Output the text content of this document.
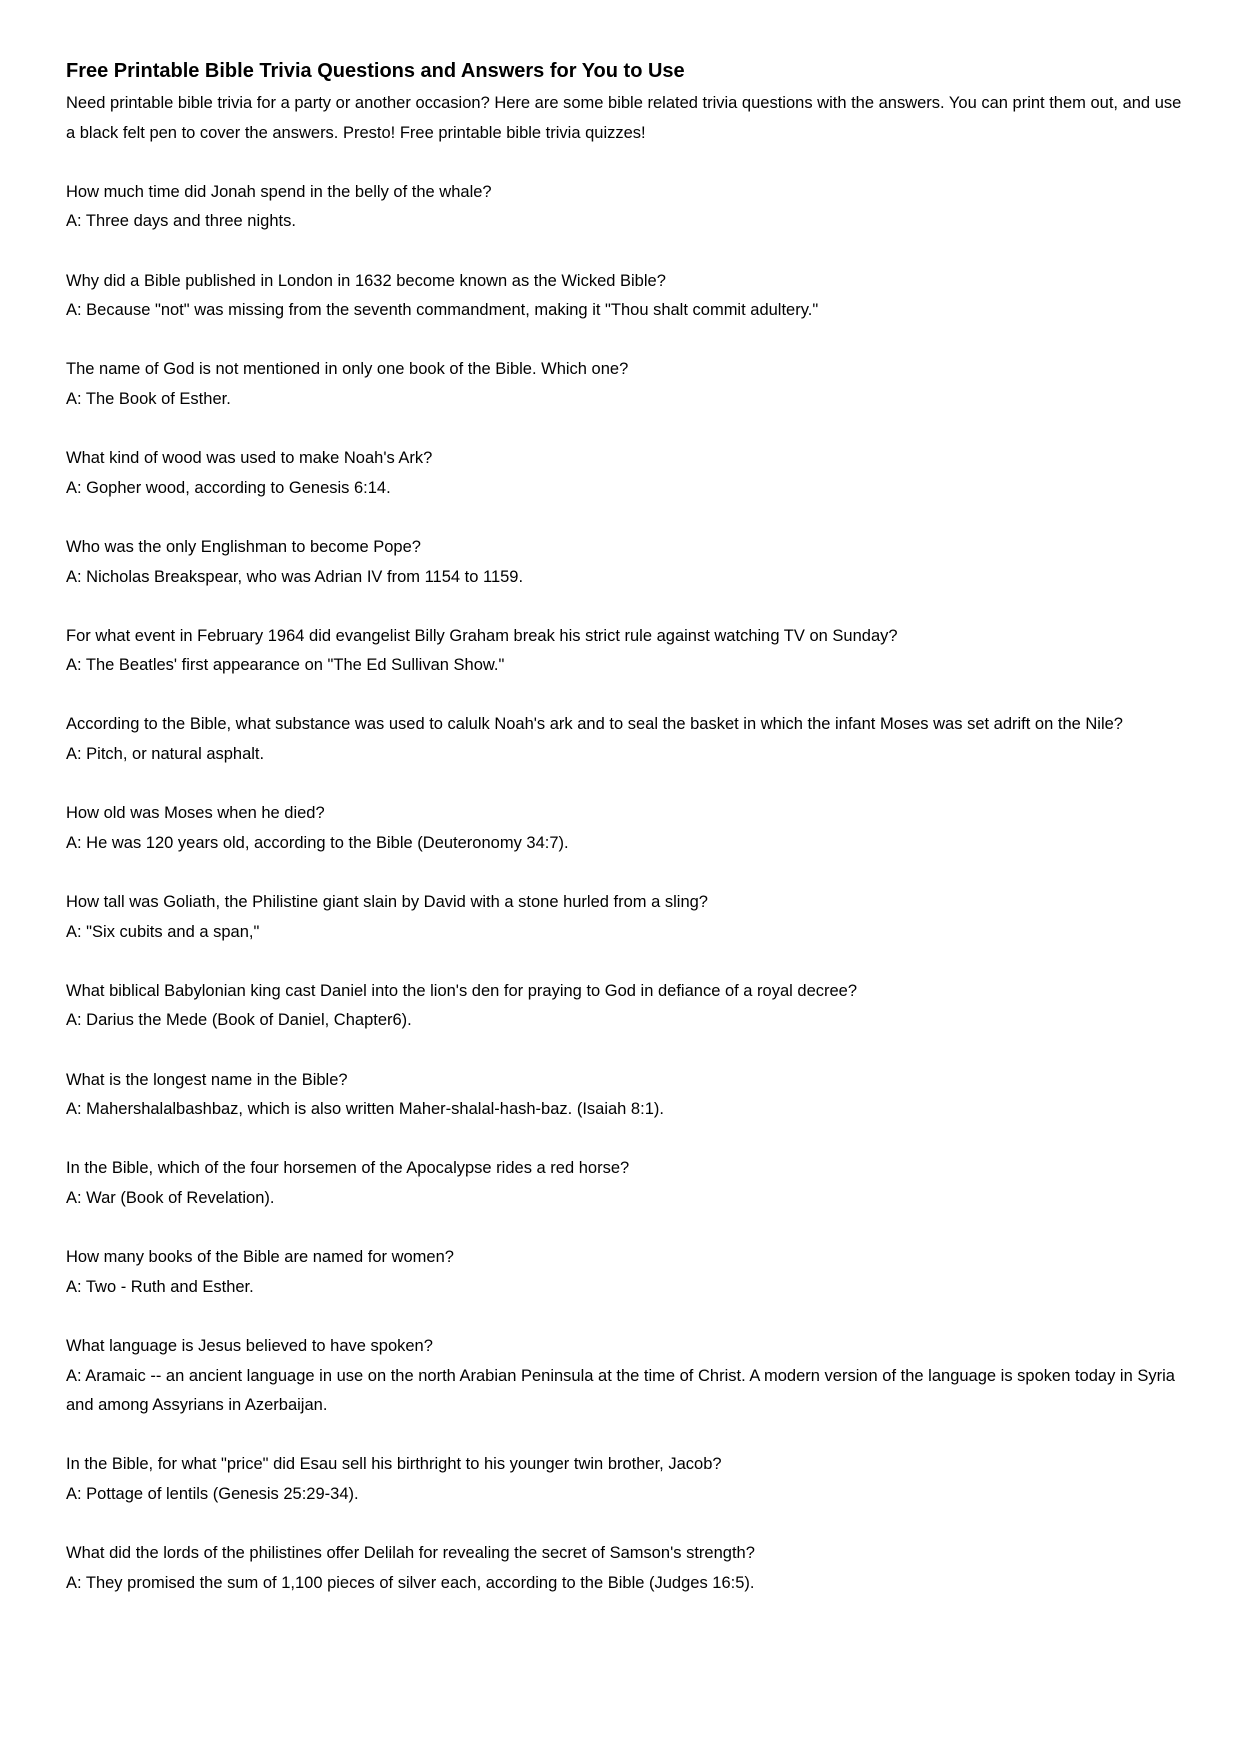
Free Printable Bible Trivia Questions and Answers for You to Use

Need printable bible trivia for a party or another occasion? Here are some bible related trivia questions with the answers. You can print them out, and use a black felt pen to cover the answers. Presto! Free printable bible trivia quizzes!

How much time did Jonah spend in the belly of the whale?

A: Three days and three nights.

Why did a Bible published in London in 1632 become known as the Wicked Bible?

A: Because "not" was missing from the seventh commandment, making it "Thou shalt commit adultery."

The name of God is not mentioned in only one book of the Bible. Which one?

A: The Book of Esther.

What kind of wood was used to make Noah's Ark?

A: Gopher wood, according to Genesis 6:14.

Who was the only Englishman to become Pope?

A: Nicholas Breakspear, who was Adrian IV from 1154 to 1159.

For what event in February 1964 did evangelist Billy Graham break his strict rule against watching TV on Sunday?

A: The Beatles' first appearance on "The Ed Sullivan Show."

According to the Bible, what substance was used to calulk Noah's ark and to seal the basket in which the infant Moses was set adrift on the Nile?

A: Pitch, or natural asphalt.

How old was Moses when he died?

A: He was 120 years old, according to the Bible (Deuteronomy 34:7).

How tall was Goliath, the Philistine giant slain by David with a stone hurled from a sling?

A: "Six cubits and a span,"

What biblical Babylonian king cast Daniel into the lion's den for praying to God in defiance of a royal decree?

A: Darius the Mede (Book of Daniel, Chapter6).

What is the longest name in the Bible?

A: Mahershalalbashbaz, which is also written Maher-shalal-hash-baz. (Isaiah 8:1).

In the Bible, which of the four horsemen of the Apocalypse rides a red horse?

A: War (Book of Revelation).

How many books of the Bible are named for women?

A: Two - Ruth and Esther.

What language is Jesus believed to have spoken?

A: Aramaic -- an ancient language in use on the north Arabian Peninsula at the time of Christ. A modern version of the language is spoken today in Syria and among Assyrians in Azerbaijan.

In the Bible, for what "price" did Esau sell his birthright to his younger twin brother, Jacob?

A: Pottage of lentils (Genesis 25:29-34).

What did the lords of the philistines offer Delilah for revealing the secret of Samson's strength?

A: They promised the sum of 1,100 pieces of silver each, according to the Bible (Judges 16:5).
